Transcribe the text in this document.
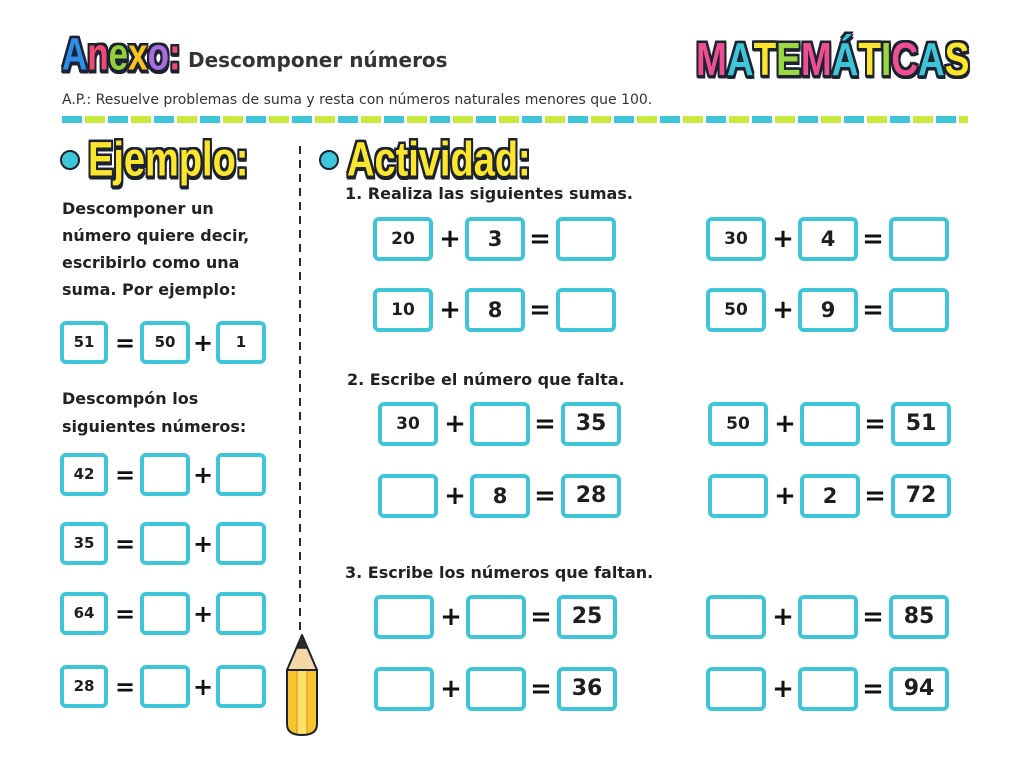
A n e x o : Descomponer números	M A T E M Á T I C A S
A.P.: Resuelve problemas de suma y resta con números naturales menores que 100.
Ejemplo:
Descomponer un
número quiere decir,
escribirlo como una
suma. Por ejemplo:
51 =	50 +	1
Descompón los
siguientes números:
42 = +
35 = +
64 = +
28 = +
Actividad:
1. Realiza las siguientes sumas.
20 +	3	=	30 +	4	=
10 +	8	=	50 +	9	=
2. Escribe el número que falta.
30 +	= 35	50 +	= 51
+	8	= 28	+	2	= 72
3. Escribe los números que faltan.
+	= 25	+	= 85
+	= 36	+	= 94
